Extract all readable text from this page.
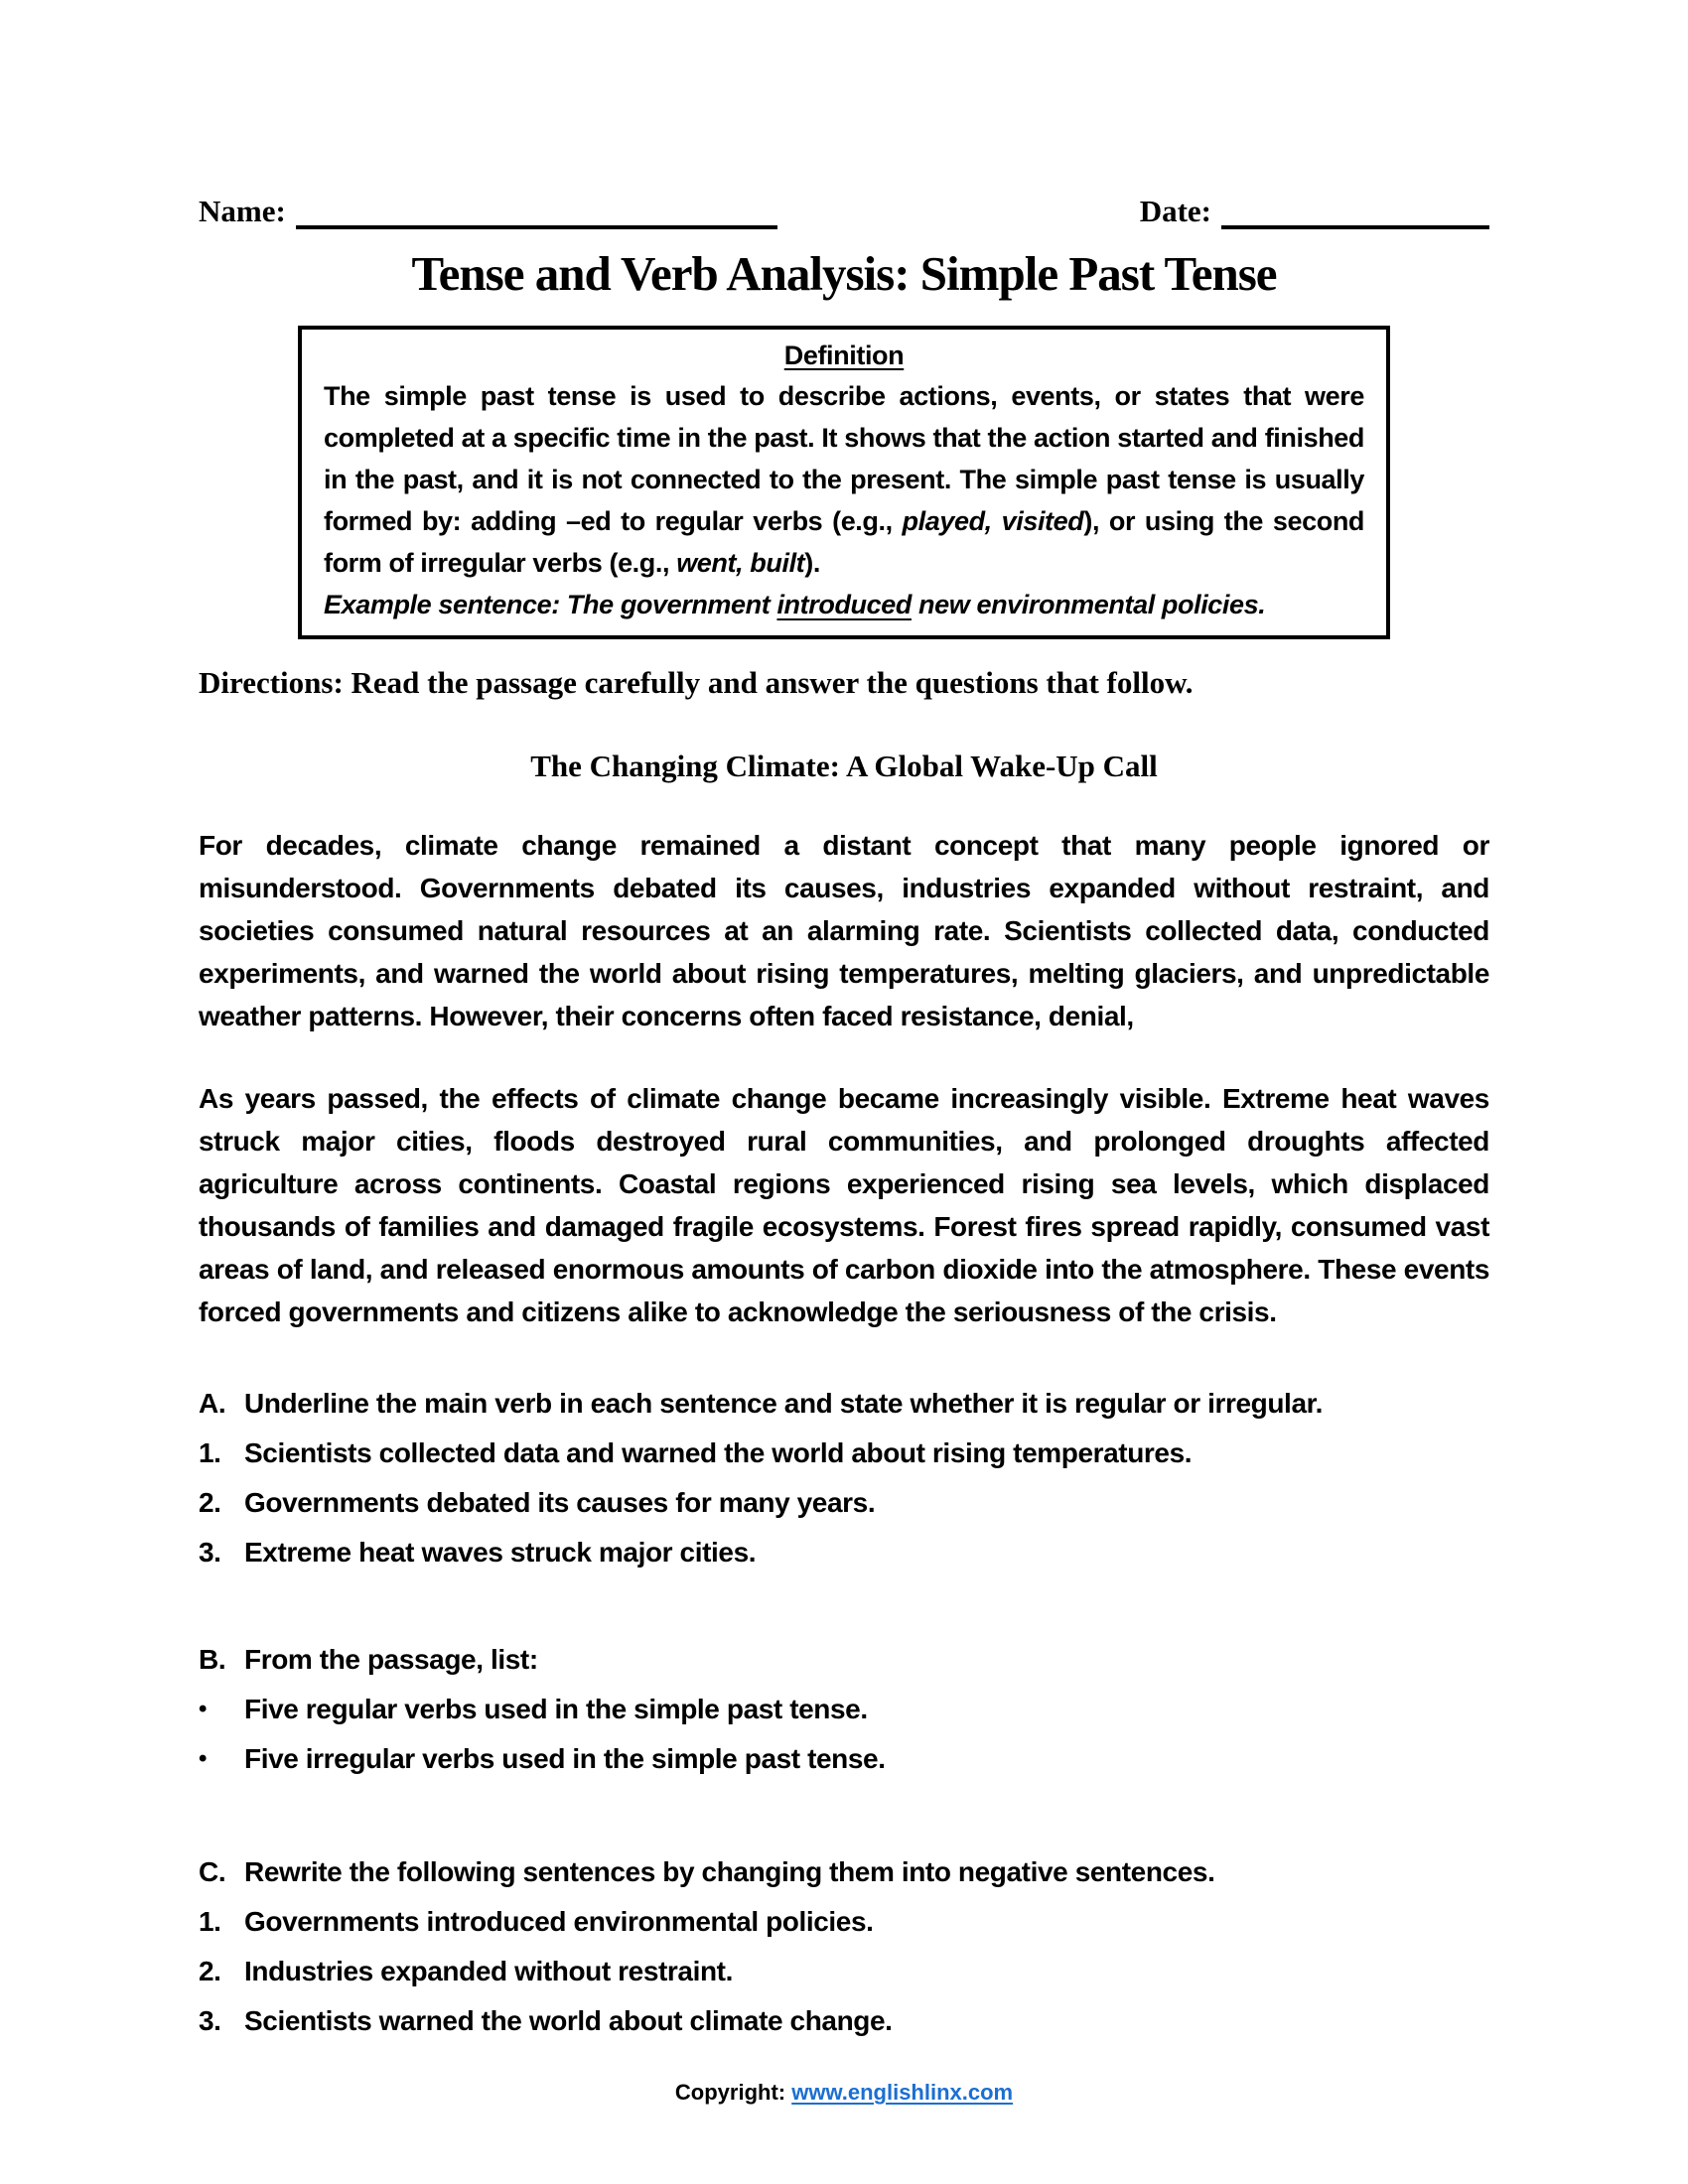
Name:	Date:
Tense and Verb Analysis: Simple Past Tense
Definition
The simple past tense is used to describe actions, events, or states that were completed at a specific time in the past. It shows that the action started and finished in the past, and it is not connected to the present. The simple past tense is usually formed by: adding –ed to regular verbs (e.g., played, visited), or using the second form of irregular verbs (e.g., went, built).
Example sentence: The government introduced new environmental policies.
Directions: Read the passage carefully and answer the questions that follow.
The Changing Climate: A Global Wake-Up Call
For decades, climate change remained a distant concept that many people ignored or misunderstood. Governments debated its causes, industries expanded without restraint, and societies consumed natural resources at an alarming rate. Scientists collected data, conducted experiments, and warned the world about rising temperatures, melting glaciers, and unpredictable weather patterns. However, their concerns often faced resistance, denial,
As years passed, the effects of climate change became increasingly visible. Extreme heat waves struck major cities, floods destroyed rural communities, and prolonged droughts affected agriculture across continents. Coastal regions experienced rising sea levels, which displaced thousands of families and damaged fragile ecosystems. Forest fires spread rapidly, consumed vast areas of land, and released enormous amounts of carbon dioxide into the atmosphere. These events forced governments and citizens alike to acknowledge the seriousness of the crisis.
A. Underline the main verb in each sentence and state whether it is regular or irregular.
1. Scientists collected data and warned the world about rising temperatures.
2. Governments debated its causes for many years.
3. Extreme heat waves struck major cities.
B. From the passage, list:
•	Five regular verbs used in the simple past tense.
•	Five irregular verbs used in the simple past tense.
C. Rewrite the following sentences by changing them into negative sentences.
1. Governments introduced environmental policies.
2. Industries expanded without restraint.
3. Scientists warned the world about climate change.
Copyright: www.englishlinx.com
